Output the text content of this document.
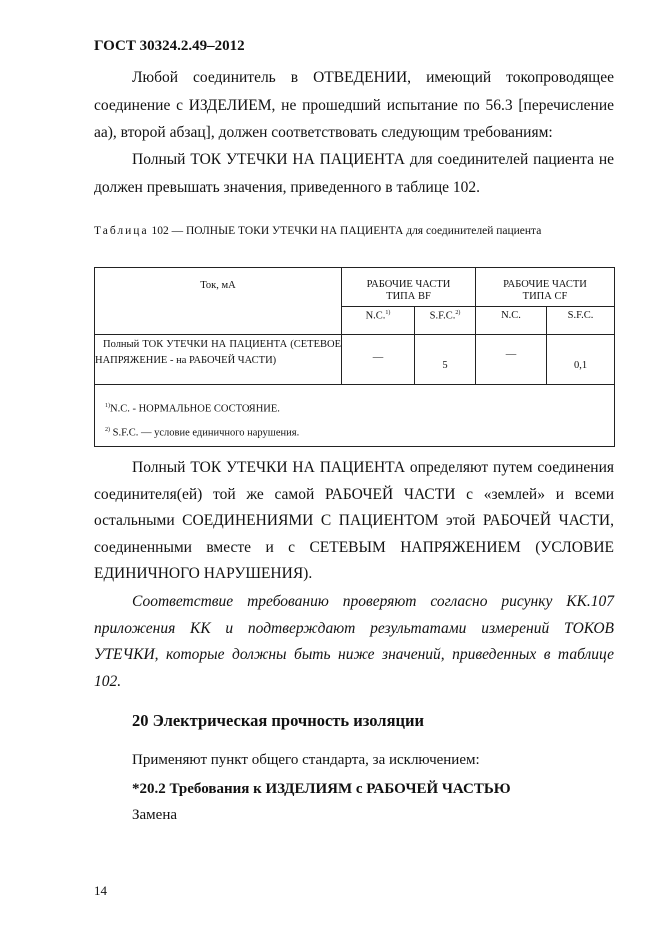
ГОСТ 30324.2.49–2012
Любой соединитель в ОТВЕДЕНИИ, имеющий токопроводящее соединение с ИЗДЕЛИЕМ, не прошедший испытание по 56.3 [перечисление аа), второй абзац], должен соответствовать следующим требованиям:
Полный ТОК УТЕЧКИ НА ПАЦИЕНТА для соединителей пациента не должен превышать значения, приведенного в таблице 102.
Таблица 102 — ПОЛНЫЕ ТОКИ УТЕЧКИ НА ПАЦИЕНТА для соединителей пациента
Ток, мА	РАБОЧИЕ ЧАСТИ ТИПА BF		РАБОЧИЕ ЧАСТИ ТИПА CF	
	N.C.$^{1)}$	S.F.C.$^{2)}$	N.C.	S.F.C.
Полный ТОК УТЕЧКИ НА ПАЦИЕНТА (СЕТЕВОЕ НАПРЯЖЕНИЕ - на РАБОЧЕЙ ЧАСТИ)	—	5	—	0,1

$^{1)}$N.C. - НОРМАЛЬНОЕ СОСТОЯНИЕ.
$^{2)}$ S.F.C. — условие единичного нарушения.				
Полный ТОК УТЕЧКИ НА ПАЦИЕНТА определяют путем соединения соединителя(ей) той же самой РАБОЧЕЙ ЧАСТИ с «землей» и всеми остальными СОЕДИНЕНИЯМИ С ПАЦИЕНТОМ этой РАБОЧЕЙ ЧАСТИ, соединенными вместе и с СЕТЕВЫМ НАПРЯЖЕНИЕМ (УСЛОВИЕ ЕДИНИЧНОГО НАРУШЕНИЯ).
Соответствие требованию проверяют согласно рисунку КК.107 приложения КК и подтверждают результатами измерений ТОКОВ УТЕЧКИ, которые должны быть ниже значений, приведенных в таблице 102.
20 Электрическая прочность изоляции
Применяют пункт общего стандарта, за исключением:
*20.2 Требования к ИЗДЕЛИЯМ с РАБОЧЕЙ ЧАСТЬЮ
Замена
14
